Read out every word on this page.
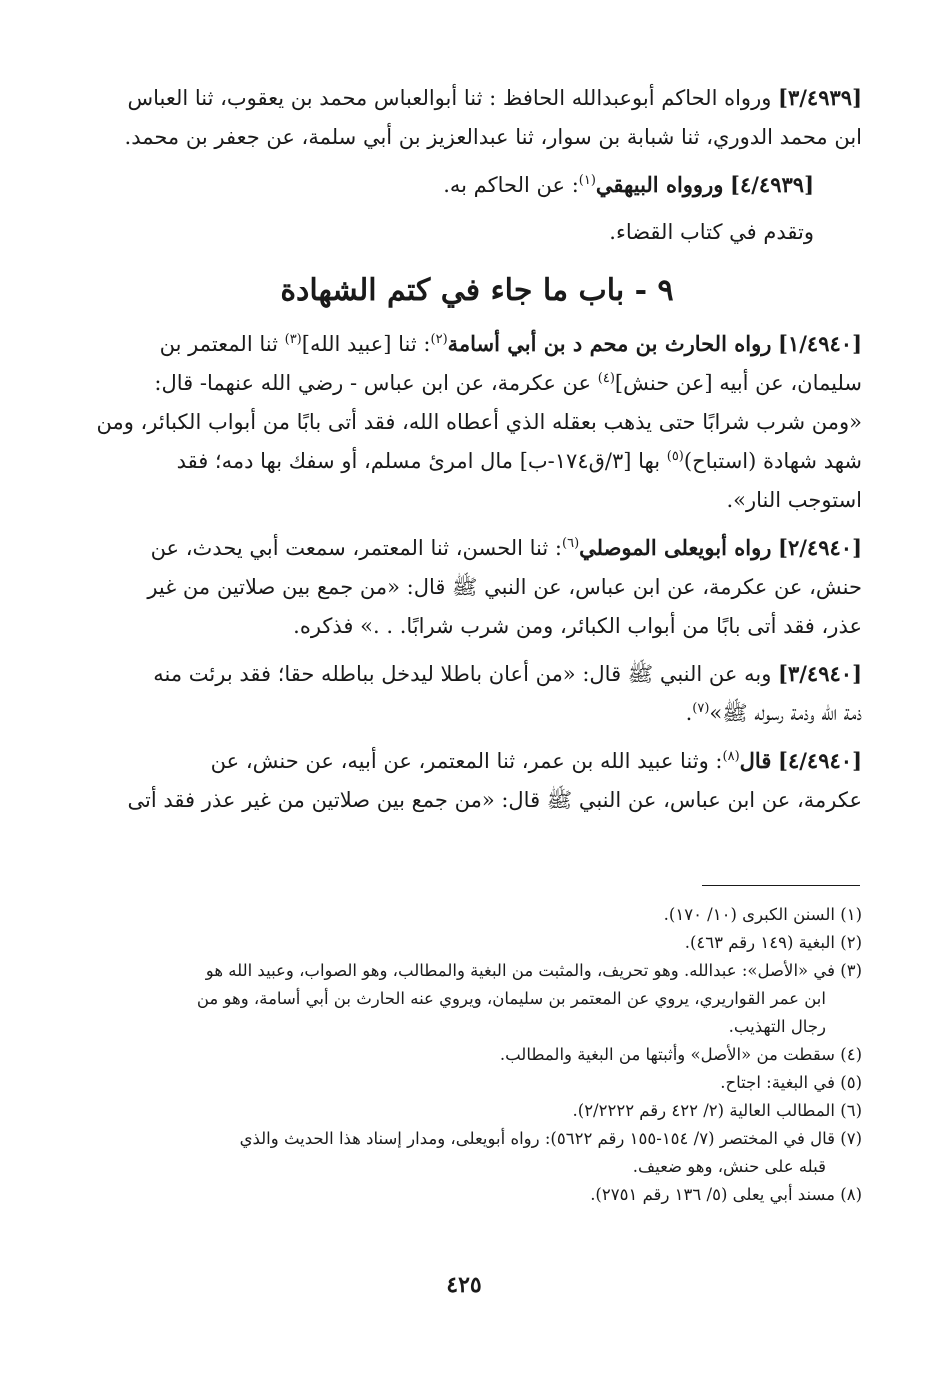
[٣/٤٩٣٩] ورواه الحاكم أبوعبدالله الحافظ : ثنا أبوالعباس محمد بن يعقوب، ثنا العباس
ابن محمد الدوري، ثنا شبابة بن سوار، ثنا عبدالعزيز بن أبي سلمة، عن جعفر بن محمد.
[٤/٤٩٣٩] وروواه البيهقي$^{(١)}$: عن الحاكم به.
وتقدم في كتاب القضاء.
٩ - باب ما جاء في كتم الشهادة
[١/٤٩٤٠] رواه الحارث بن محم د بن أبي أسامة$^{(٢)}$: ثنا [عبيد الله]$^{(٣)}$ ثنا المعتمر بن
سليمان، عن أبيه [عن حنش]$^{(٤)}$ عن عكرمة، عن ابن عباس - رضي الله عنهما- قال:
«ومن شرب شرابًا حتى يذهب بعقله الذي أعطاه الله، فقد أتى بابًا من أبواب الكبائر، ومن
شهد شهادة (استباح)$^{(٥)}$ بها [٣/ق١٧٤-ب] مال امرئ مسلم، أو سفك بها دمه؛ فقد
استوجب النار».
[٢/٤٩٤٠] رواه أبويعلى الموصلي$^{(٦)}$: ثنا الحسن، ثنا المعتمر، سمعت أبي يحدث، عن
حنش، عن عكرمة، عن ابن عباس، عن النبي ﷺ قال: «من جمع بين صلاتين من غير
عذر، فقد أتى بابًا من أبواب الكبائر، ومن شرب شرابًا. . .» فذكره.
[٣/٤٩٤٠] وبه عن النبي ﷺ قال: «من أعان باطلا ليدخل بباطله حقا؛ فقد برئت منه
ذمة الله وذمة رسوله ﷺ»$^{(٧)}$.
[٤/٤٩٤٠] قال$^{(٨)}$: وثنا عبيد الله بن عمر، ثنا المعتمر، عن أبيه، عن حنش، عن
عكرمة، عن ابن عباس، عن النبي ﷺ قال: «من جمع بين صلاتين من غير عذر فقد أتى

(١) السنن الكبرى (١٠/ ١٧٠).

(٢) البغية (١٤٩ رقم ٤٦٣).

(٣) في «الأصل»: عبدالله. وهو تحريف، والمثبت من البغية والمطالب، وهو الصواب، وعبيد الله هو
ابن عمر القواريري، يروي عن المعتمر بن سليمان، ويروي عنه الحارث بن أبي أسامة، وهو من
رجال التهذيب.

(٤) سقطت من «الأصل» وأثبتها من البغية والمطالب.

(٥) في البغية: اجتاح.

(٦) المطالب العالية (٢/ ٤٢٢ رقم ٢/٢٢٢٢).

(٧) قال في المختصر (٧/ ١٥٤-١٥٥ رقم ٥٦٢٢): رواه أبويعلى، ومدار إسناد هذا الحديث والذي
قبله على حنش، وهو ضعيف.

(٨) مسند أبي يعلى (٥/ ١٣٦ رقم ٢٧٥١).

٤٢٥
